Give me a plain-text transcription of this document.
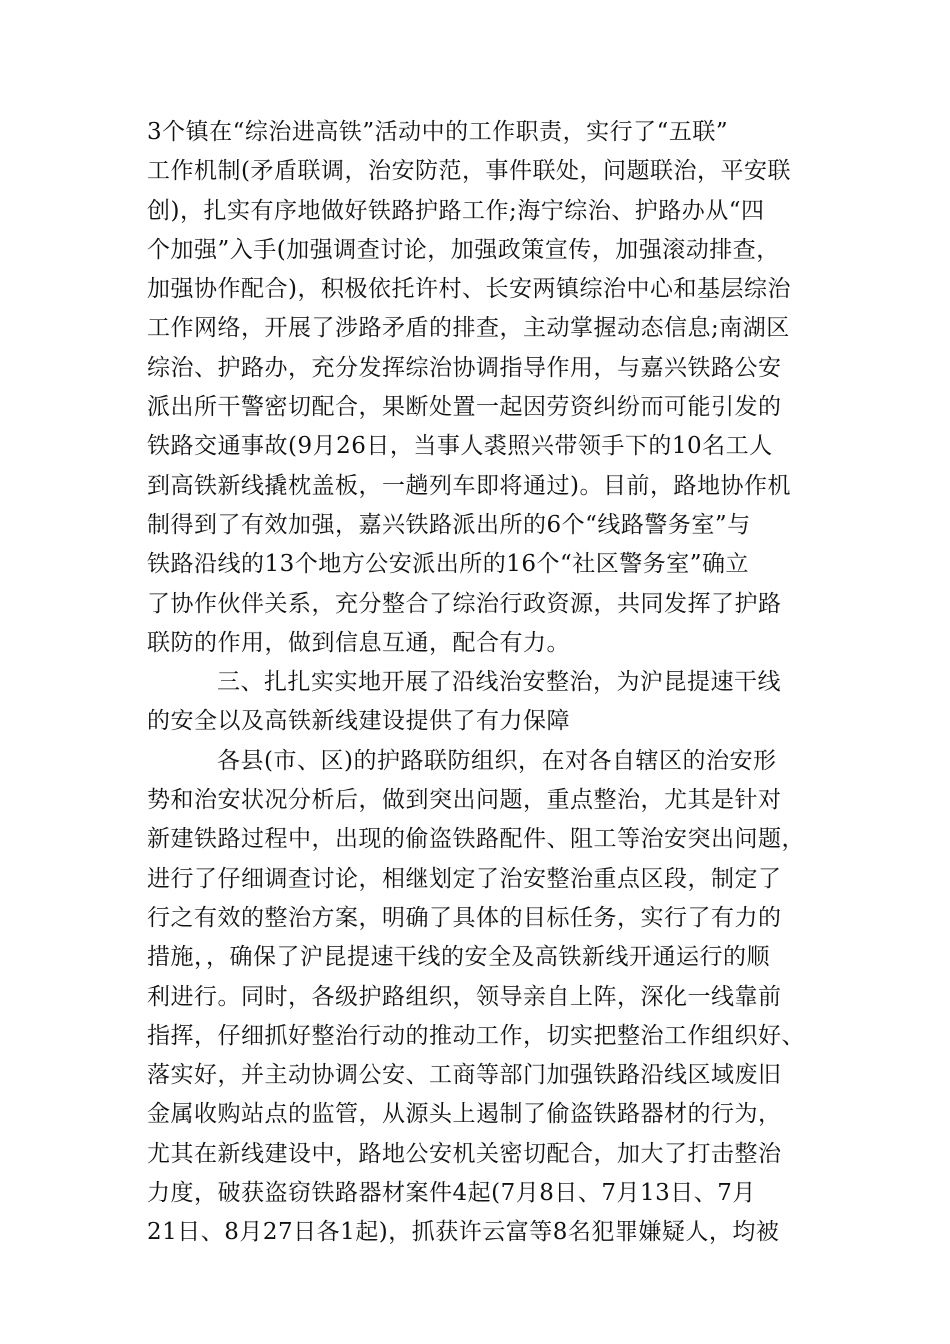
3个镇在“综治进高铁”活动中的工作职责，实行了“五联”
工作机制(矛盾联调，治安防范，事件联处，问题联治，平安联
创)，扎实有序地做好铁路护路工作;海宁综治、护路办从“四
个加强”入手(加强调查讨论，加强政策宣传，加强滚动排查，
加强协作配合)，积极依托许村、长安两镇综治中心和基层综治
工作网络，开展了涉路矛盾的排查，主动掌握动态信息;南湖区
综治、护路办，充分发挥综治协调指导作用，与嘉兴铁路公安
派出所干警密切配合，果断处置一起因劳资纠纷而可能引发的
铁路交通事故(9月26日，当事人裘照兴带领手下的10名工人
到高铁新线撬枕盖板，一趟列车即将通过)。目前，路地协作机
制得到了有效加强，嘉兴铁路派出所的6个“线路警务室”与
铁路沿线的13个地方公安派出所的16个“社区警务室”确立
了协作伙伴关系，充分整合了综治行政资源，共同发挥了护路
联防的作用，做到信息互通，配合有力。
三、扎扎实实地开展了沿线治安整治，为沪昆提速干线
的安全以及高铁新线建设提供了有力保障
各县(市、区)的护路联防组织，在对各自辖区的治安形
势和治安状况分析后，做到突出问题，重点整治，尤其是针对
新建铁路过程中，出现的偷盗铁路配件、阻工等治安突出问题，
进行了仔细调查讨论，相继划定了治安整治重点区段，制定了
行之有效的整治方案，明确了具体的目标任务，实行了有力的
措施，，确保了沪昆提速干线的安全及高铁新线开通运行的顺
利进行。同时，各级护路组织，领导亲自上阵，深化一线靠前
指挥，仔细抓好整治行动的推动工作，切实把整治工作组织好、
落实好，并主动协调公安、工商等部门加强铁路沿线区域废旧
金属收购站点的监管，从源头上遏制了偷盗铁路器材的行为，
尤其在新线建设中，路地公安机关密切配合，加大了打击整治
力度，破获盗窃铁路器材案件4起(7月8日、7月13日、7月
21日、8月27日各1起)，抓获许云富等8名犯罪嫌疑人，均被
